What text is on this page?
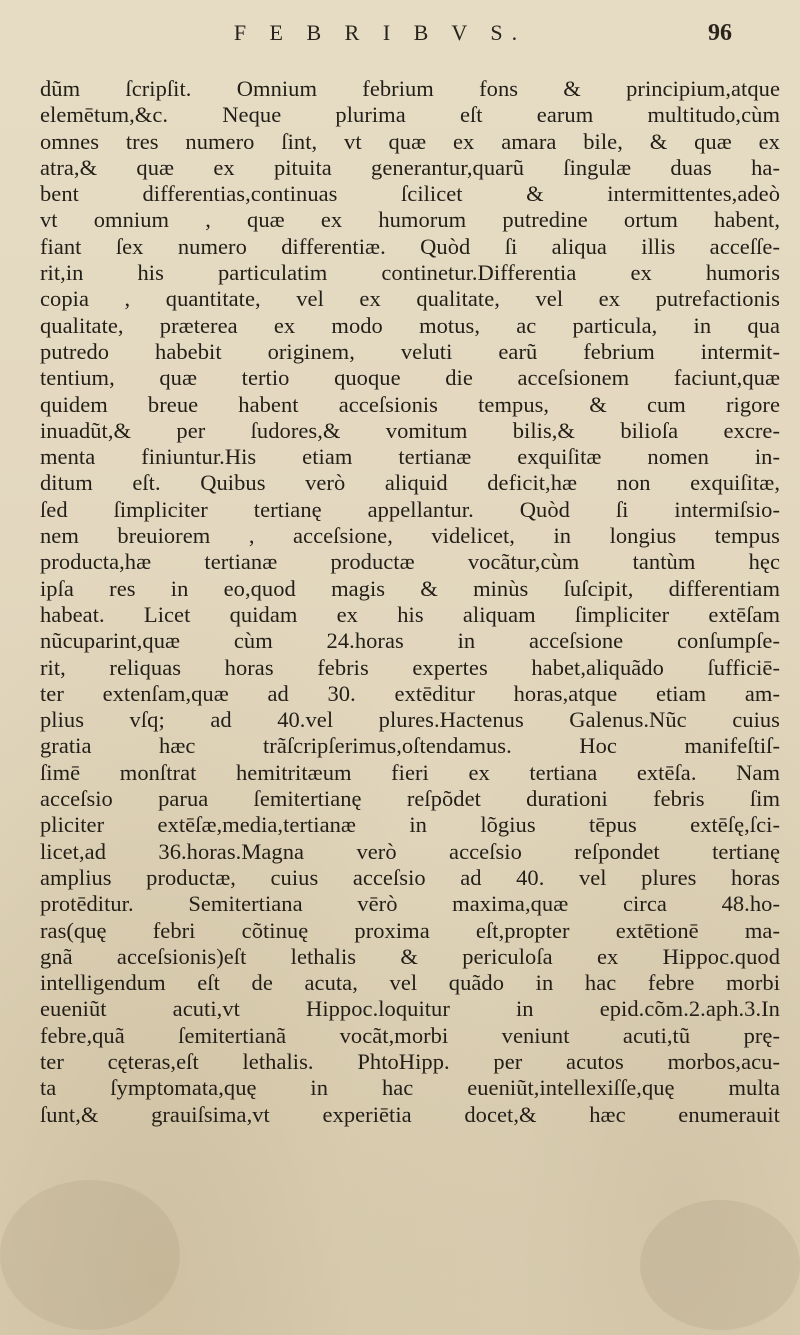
F E B R I B V S.	96
dũm ſcripſit. Omnium febrium fons & principium,atque
elemētum,&c. Neque plurima eſt earum multitudo,cùm
omnes tres numero ſint, vt quæ ex amara bile, & quæ ex
atra,& quæ ex pituita generantur,quarũ ſingulæ duas ha-
bent differentias,continuas ſcilicet & intermittentes,adeò
vt omnium , quæ ex humorum putredine ortum habent,
fiant ſex numero differentiæ. Quòd ſi aliqua illis acceſſe-
rit,in his particulatim continetur.Differentia ex humoris
copia , quantitate, vel ex qualitate, vel ex putrefactionis
qualitate, præterea ex modo motus, ac particula, in qua
putredo habebit originem, veluti earũ febrium intermit-
tentium, quæ tertio quoque die acceſsionem faciunt,quæ
quidem breue habent acceſsionis tempus, & cum rigore
inuadũt,& per ſudores,& vomitum bilis,& bilioſa excre-
menta finiuntur.His etiam tertianæ exquiſitæ nomen in-
ditum eſt. Quibus verò aliquid deficit,hæ non exquiſitæ,
ſed ſimpliciter tertianę appellantur. Quòd ſi intermiſsio-
nem breuiorem , acceſsione, videlicet, in longius tempus
producta,hæ tertianæ productæ vocãtur,cùm tantùm hęc
ipſa res in eo,quod magis & minùs ſuſcipit, differentiam
habeat. Licet quidam ex his aliquam ſimpliciter extēſam
nũcuparint,quæ cùm 24.horas in acceſsione conſumpſe-
rit, reliquas horas febris expertes habet,aliquãdo ſufficiē-
ter extenſam,quæ ad 30. extēditur horas,atque etiam am-
plius vſq; ad 40.vel plures.Hactenus Galenus.Nũc cuius
gratia hæc trãſcripſerimus,oſtendamus. Hoc manifeſtiſ-
ſimē monſtrat hemitritæum fieri ex tertiana extēſa. Nam
acceſsio parua ſemitertianę reſpõdet durationi febris ſim
pliciter extēſæ,media,tertianæ in lõgius tēpus extēſę,ſci-
licet,ad 36.horas.Magna verò acceſsio reſpondet tertianę
amplius productæ, cuius acceſsio ad 40. vel plures horas
protēditur. Semitertiana vērò maxima,quæ circa 48.ho-
ras(quę febri cõtinuę proxima eſt,propter extētionē ma-
gnã acceſsionis)eſt lethalis & periculoſa ex Hippoc.quod
intelligendum eſt de acuta, vel quãdo in hac febre morbi
eueniũt acuti,vt Hippoc.loquitur in epid.cõm.2.aph.3.In
febre,quã ſemitertianã vocãt,morbi veniunt acuti,tũ prę-
ter cęteras,eſt lethalis. PhtoHipp. per acutos morbos,acu-
ta ſymptomata,quę in hac eueniũt,intellexiſſe,quę multa
ſunt,& grauiſsima,vt experiētia docet,& hæc enumerauit
